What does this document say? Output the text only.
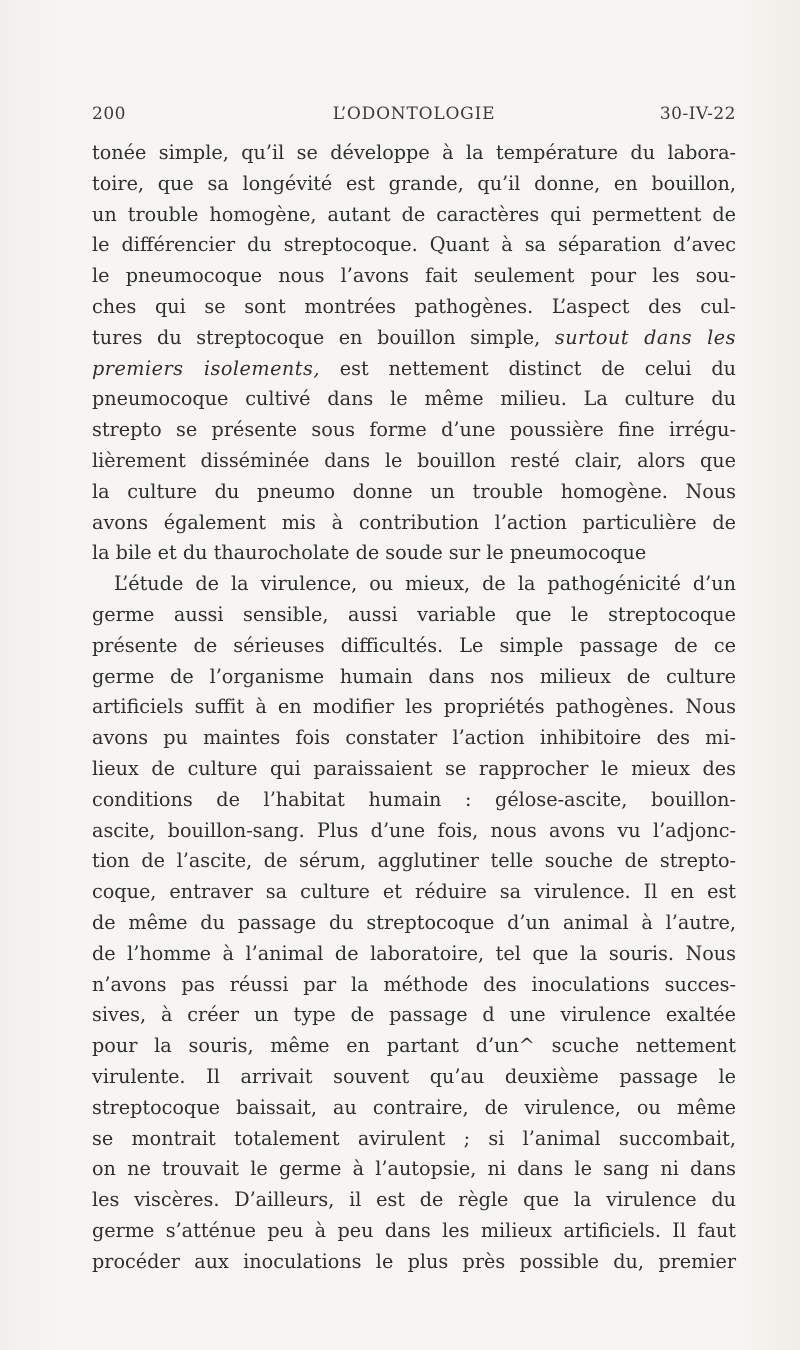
200	L’ODONTOLOGIE	30-IV-22
tonée simple, qu’il se développe à la température du labora-
toire, que sa longévité est grande, qu’il donne, en bouillon,
un trouble homogène, autant de caractères qui permettent de
le différencier du streptocoque. Quant à sa séparation d’avec
le pneumocoque nous l’avons fait seulement pour les sou-
ches qui se sont montrées pathogènes. L’aspect des cul-
tures du streptocoque en bouillon simple, surtout dans les
premiers isolements, est nettement distinct de celui du
pneumocoque cultivé dans le même milieu. La culture du
strepto se présente sous forme d’une poussière fine irrégu-
lièrement disséminée dans le bouillon resté clair, alors que
la culture du pneumo donne un trouble homogène. Nous
avons également mis à contribution l’action particulière de
la bile et du thaurocholate de soude sur le pneumocoque
L’étude de la virulence, ou mieux, de la pathogénicité d’un
germe aussi sensible, aussi variable que le streptocoque
présente de sérieuses difficultés. Le simple passage de ce
germe de l’organisme humain dans nos milieux de culture
artificiels suffit à en modifier les propriétés pathogènes. Nous
avons pu maintes fois constater l’action inhibitoire des mi-
lieux de culture qui paraissaient se rapprocher le mieux des
conditions de l’habitat humain : gélose-ascite, bouillon-
ascite, bouillon-sang. Plus d’une fois, nous avons vu l’adjonc-
tion de l’ascite, de sérum, agglutiner telle souche de strepto-
coque, entraver sa culture et réduire sa virulence. Il en est
de même du passage du streptocoque d’un animal à l’autre,
de l’homme à l’animal de laboratoire, tel que la souris. Nous
n’avons pas réussi par la méthode des inoculations succes-
sives, à créer un type de passage d une virulence exaltée
pour la souris, même en partant d’un^ scuche nettement
virulente. Il arrivait souvent qu’au deuxième passage le
streptocoque baissait, au contraire, de virulence, ou même
se montrait totalement avirulent ; si l’animal succombait,
on ne trouvait le germe à l’autopsie, ni dans le sang ni dans
les viscères. D’ailleurs, il est de règle que la virulence du
germe s’atténue peu à peu dans les milieux artificiels. Il faut
procéder aux inoculations le plus près possible du, premier
